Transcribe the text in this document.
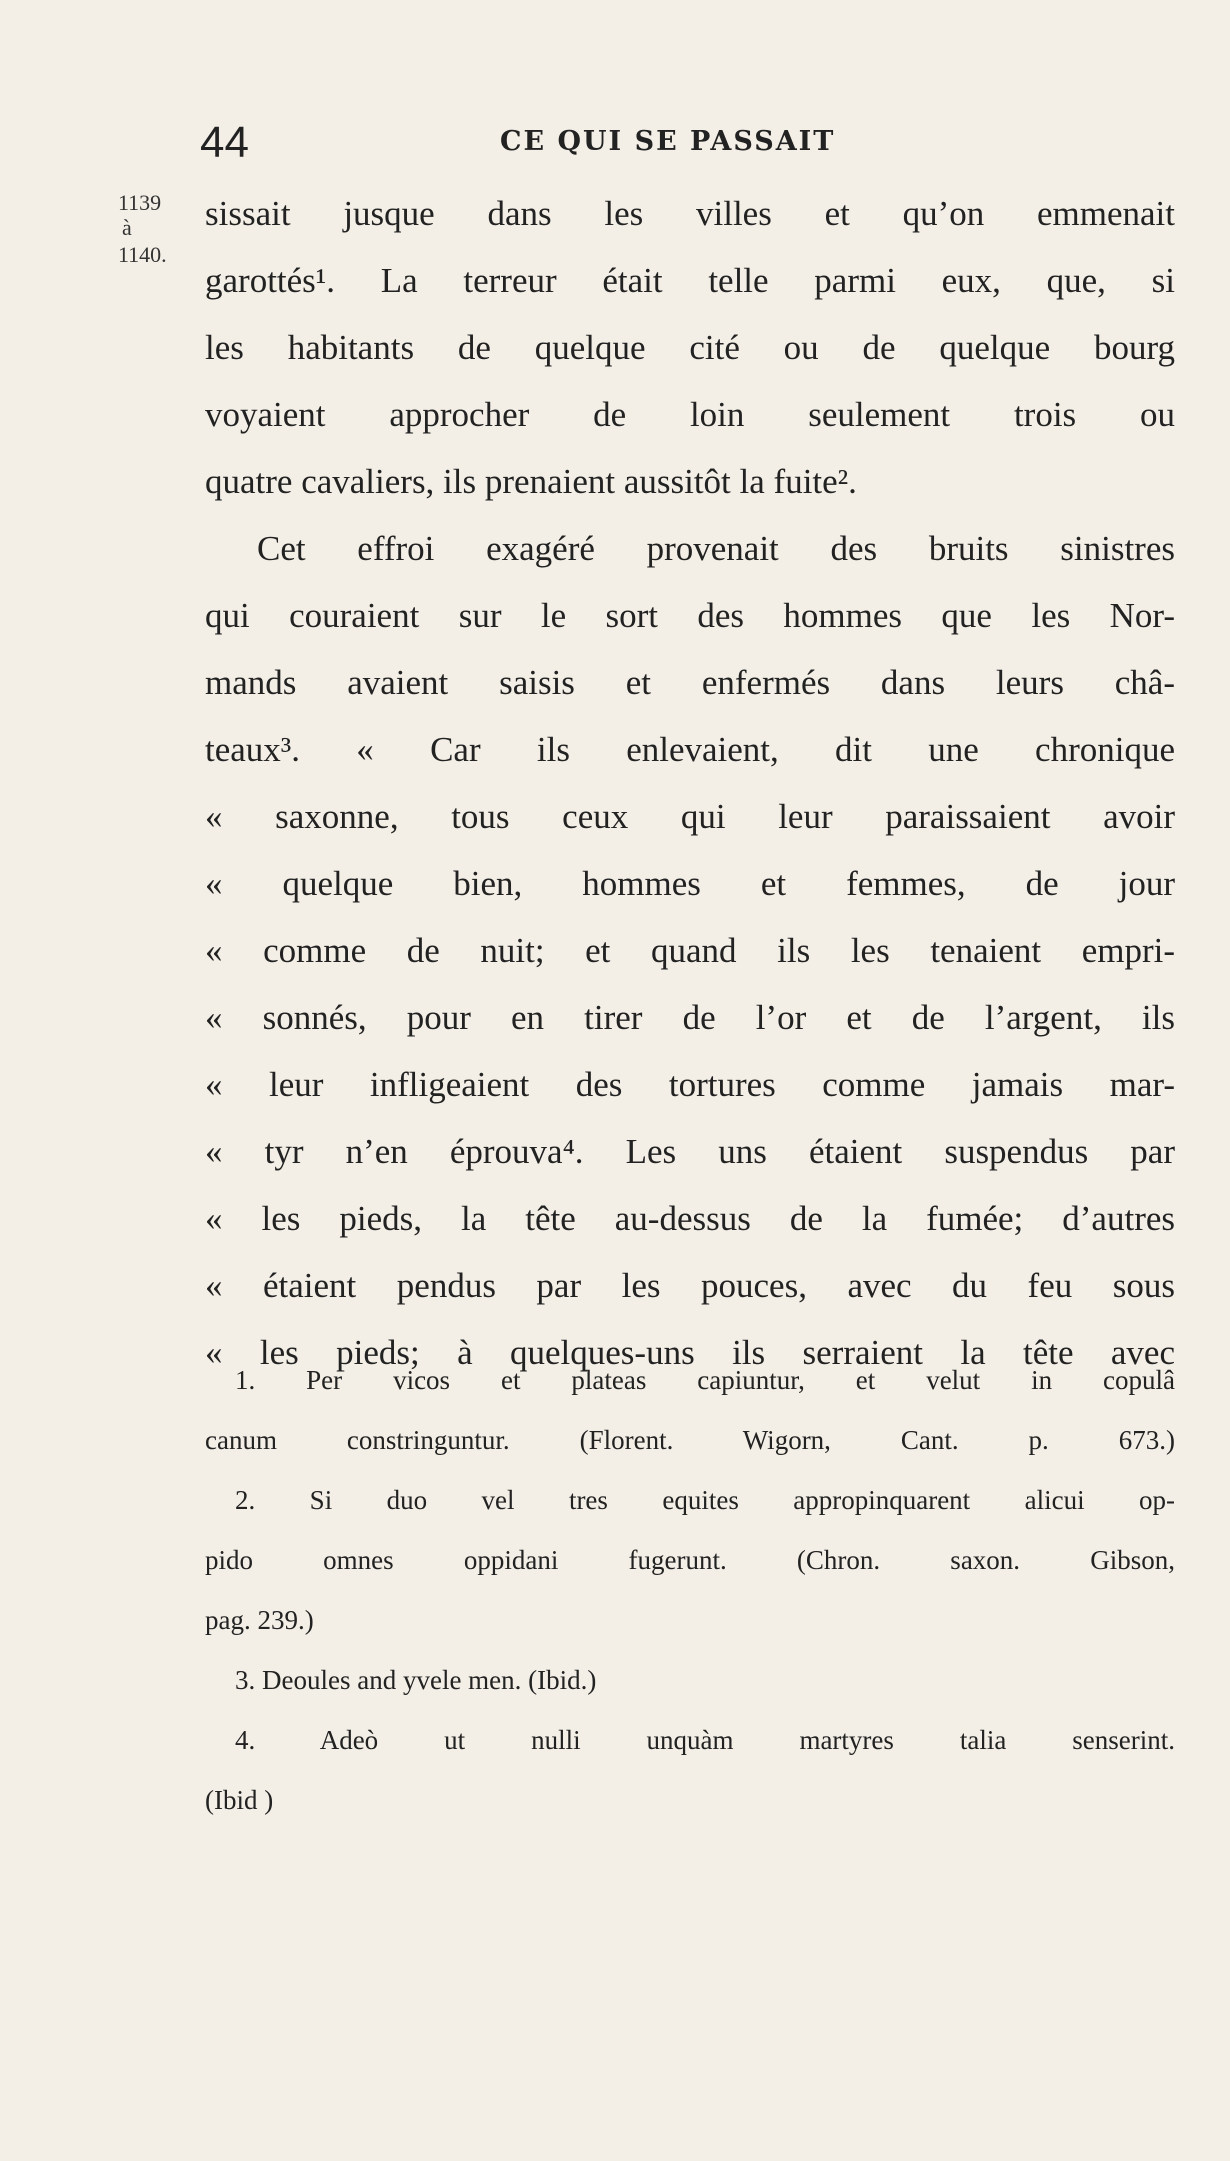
44	CE QUI SE PASSAIT
1139
à
1140.
sissait jusque dans les villes et qu’on emmenait
garottés¹. La terreur était telle parmi eux, que, si
les habitants de quelque cité ou de quelque bourg
voyaient approcher de loin seulement trois ou
quatre cavaliers, ils prenaient aussitôt la fuite².
Cet effroi exagéré provenait des bruits sinistres
qui couraient sur le sort des hommes que les Nor-
mands avaient saisis et enfermés dans leurs châ-
teaux³. « Car ils enlevaient, dit une chronique
« saxonne, tous ceux qui leur paraissaient avoir
« quelque bien, hommes et femmes, de jour
« comme de nuit; et quand ils les tenaient empri-
« sonnés, pour en tirer de l’or et de l’argent, ils
« leur infligeaient des tortures comme jamais mar-
« tyr n’en éprouva⁴. Les uns étaient suspendus par
« les pieds, la tête au-dessus de la fumée; d’autres
« étaient pendus par les pouces, avec du feu sous
« les pieds; à quelques-uns ils serraient la tête avec
1. Per vicos et plateas capiuntur, et velut in copulâ
canum constringuntur. (Florent. Wigorn, Cant. p. 673.)
2. Si duo vel tres equites appropinquarent alicui op-
pido omnes oppidani fugerunt. (Chron. saxon. Gibson,
pag. 239.)
3. Deoules and yvele men. (Ibid.)
4. Adeò ut nulli unquàm martyres talia senserint.
(Ibid )
